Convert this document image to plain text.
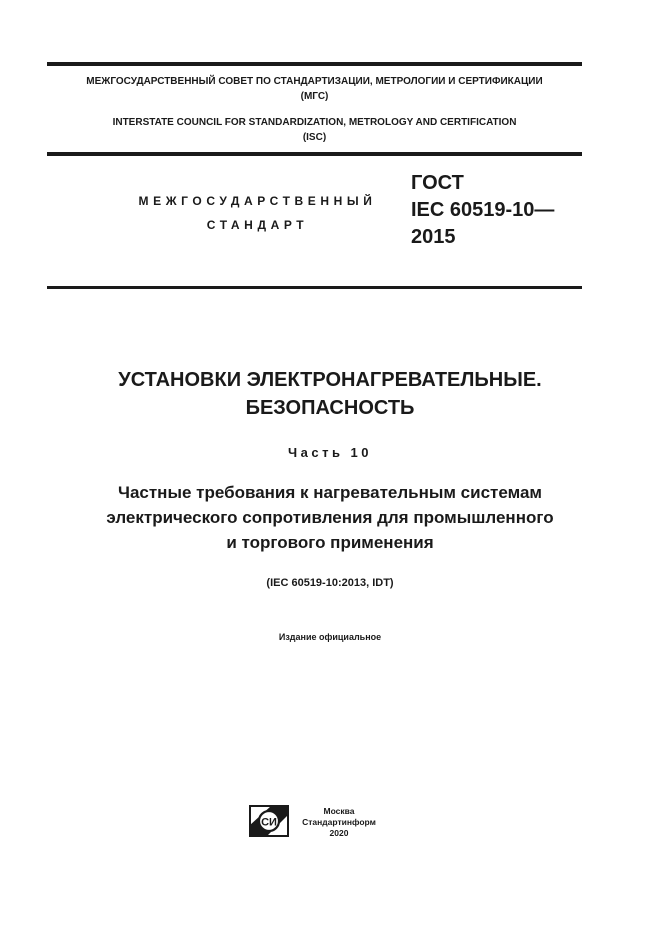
МЕЖГОСУДАРСТВЕННЫЙ СОВЕТ ПО СТАНДАРТИЗАЦИИ, МЕТРОЛОГИИ И СЕРТИФИКАЦИИ
(МГС)
INTERSTATE COUNCIL FOR STANDARDIZATION, METROLOGY AND CERTIFICATION
(ISC)
МЕЖГОСУДАРСТВЕННЫЙ
СТАНДАРТ
ГОСТ
IEC 60519-10—
2015
УСТАНОВКИ ЭЛЕКТРОНАГРЕВАТЕЛЬНЫЕ.
БЕЗОПАСНОСТЬ
Часть 10
Частные требования к нагревательным системам
электрического сопротивления для промышленного
и торгового применения
(IEC 60519-10:2013, IDT)
Издание официальное
СИ
Москва
Стандартинформ
2020
